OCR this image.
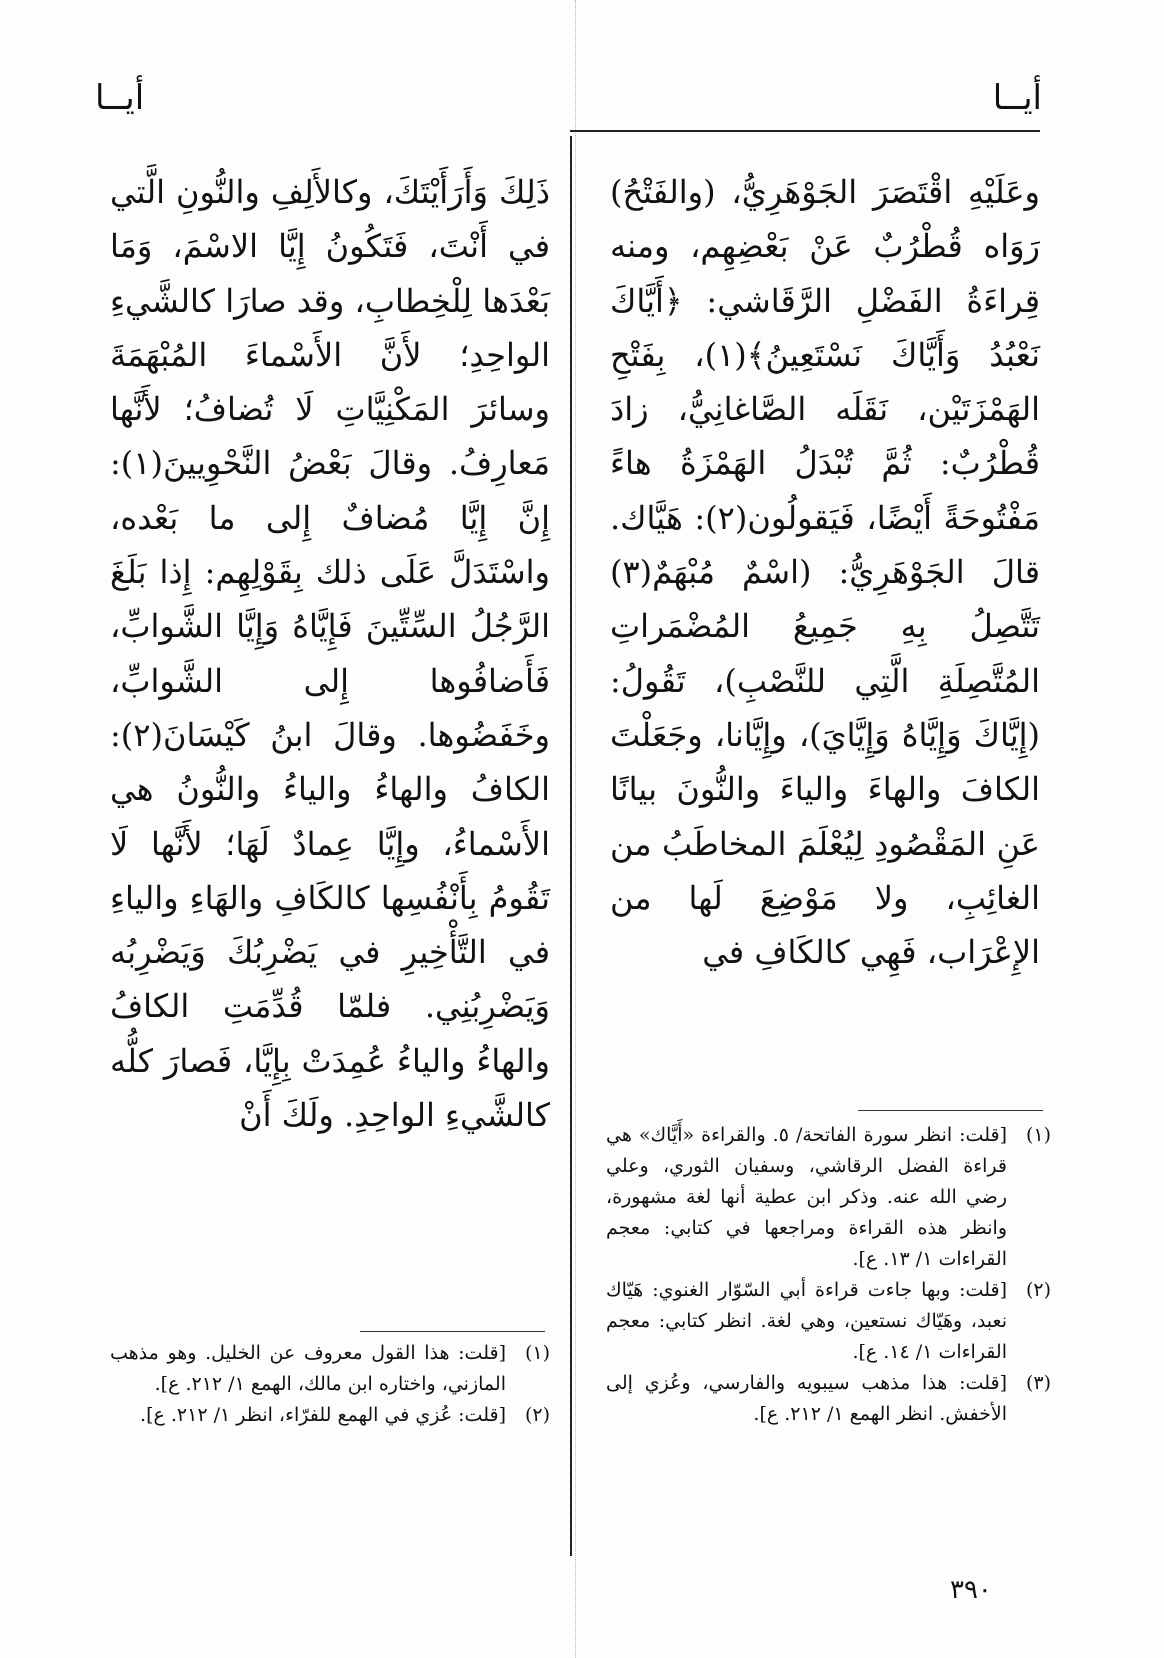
أيــا
أيــا

وعَلَيْهِ اقْتَصَرَ الجَوْهَرِيُّ، (والفَتْحُ) رَوَاه قُطْرُبٌ عَنْ بَعْضِهِم، ومنه قِراءَةُ الفَضْلِ الرَّقَاشي: ﴿أَيَّاكَ نَعْبُدُ وَأَيَّاكَ نَسْتَعِينُ﴾(١)، بِفَتْحِ الهَمْزَتَيْن، نَقَلَه الصَّاغانِيُّ، زادَ قُطْرُبٌ: ثُمَّ تُبْدَلُ الهَمْزَةُ هاءً مَفْتُوحَةً أَيْضًا، فَيَقولُون(٢): هَيَّاك. قالَ الجَوْهَرِيُّ: (اسْمٌ مُبْهَمٌ(٣) تَتَّصِلُ بِهِ جَمِيعُ المُضْمَراتِ المُتَّصِلَةِ الَّتِي للنَّصْبِ)، تَقُولُ: (إِيَّاكَ وَإِيَّاهُ وَإِيَّايَ)، وإِيَّانا، وجَعَلْتَ الكافَ والهاءَ والياءَ والنُّونَ بيانًا عَنِ المَقْصُودِ لِيُعْلَمَ المخاطَبُ من الغائِبِ، ولا مَوْضِعَ لَها من الإِعْرَاب، فَهِي كالكَافِ في

ذَلِكَ وَأَرَأَيْتَكَ، وكالأَلِفِ والنُّونِ الَّتي في أَنْتَ، فَتَكُونُ إِيَّا الاسْمَ، وَمَا بَعْدَها لِلْخِطابِ، وقد صارَا كالشَّيءِ الواحِدِ؛ لأَنَّ الأَسْماءَ المُبْهَمَةَ وسائرَ المَكْنِيَّاتِ لَا تُضافُ؛ لأَنَّها مَعارِفُ. وقالَ بَعْضُ النَّحْوِيينَ(١): إِنَّ إِيَّا مُضافٌ إِلى ما بَعْده، واسْتَدَلَّ عَلَى ذلك بِقَوْلِهِم: إِذا بَلَغَ الرَّجُلُ السِّتِّينَ فَإِيَّاهُ وَإِيَّا الشَّوابِّ، فَأَضافُوها إِلى الشَّوابِّ، وخَفَضُوها. وقالَ ابنُ كَيْسَانَ(٢): الكافُ والهاءُ والياءُ والنُّونُ هي الأَسْماءُ، وإِيَّا عِمادٌ لَهَا؛ لأَنَّها لَا تَقُومُ بِأَنْفُسِها كالكَافِ والهَاءِ والياءِ في التَّأْخِيرِ في يَضْرِبُكَ وَيَضْرِبُه وَيَضْرِبُنِي. فلمّا قُدِّمَتِ الكافُ والهاءُ والياءُ عُمِدَتْ بِإِيَّا، فَصارَ كلُّه كالشَّيءِ الواحِدِ. ولَكَ أَنْ

(١)
[قلت: انظر سورة الفاتحة/ ٥. والقراءة «أَيَّاك» هي قراءة الفضل الرقاشي، وسفيان الثوري، وعلي رضي الله عنه. وذكر ابن عطية أنها لغة مشهورة، وانظر هذه القراءة ومراجعها في كتابي: معجم القراءات ١/ ١٣. ع].

(٢)
[قلت: وبها جاءت قراءة أبي السّوّار الغنوي: هَيّاك نعبد، وهَيّاك نستعين، وهي لغة. انظر كتابي: معجم القراءات ١/ ١٤. ع].

(٣)
[قلت: هذا مذهب سيبويه والفارسي، وعُزي إلى الأخفش. انظر الهمع ١/ ٢١٢. ع].

(١)
[قلت: هذا القول معروف عن الخليل. وهو مذهب المازني، واختاره ابن مالك، الهمع ١/ ٢١٢. ع].

(٢)
[قلت: عُزي في الهمع للفرّاء، انظر ١/ ٢١٢. ع].

٣٩٠
